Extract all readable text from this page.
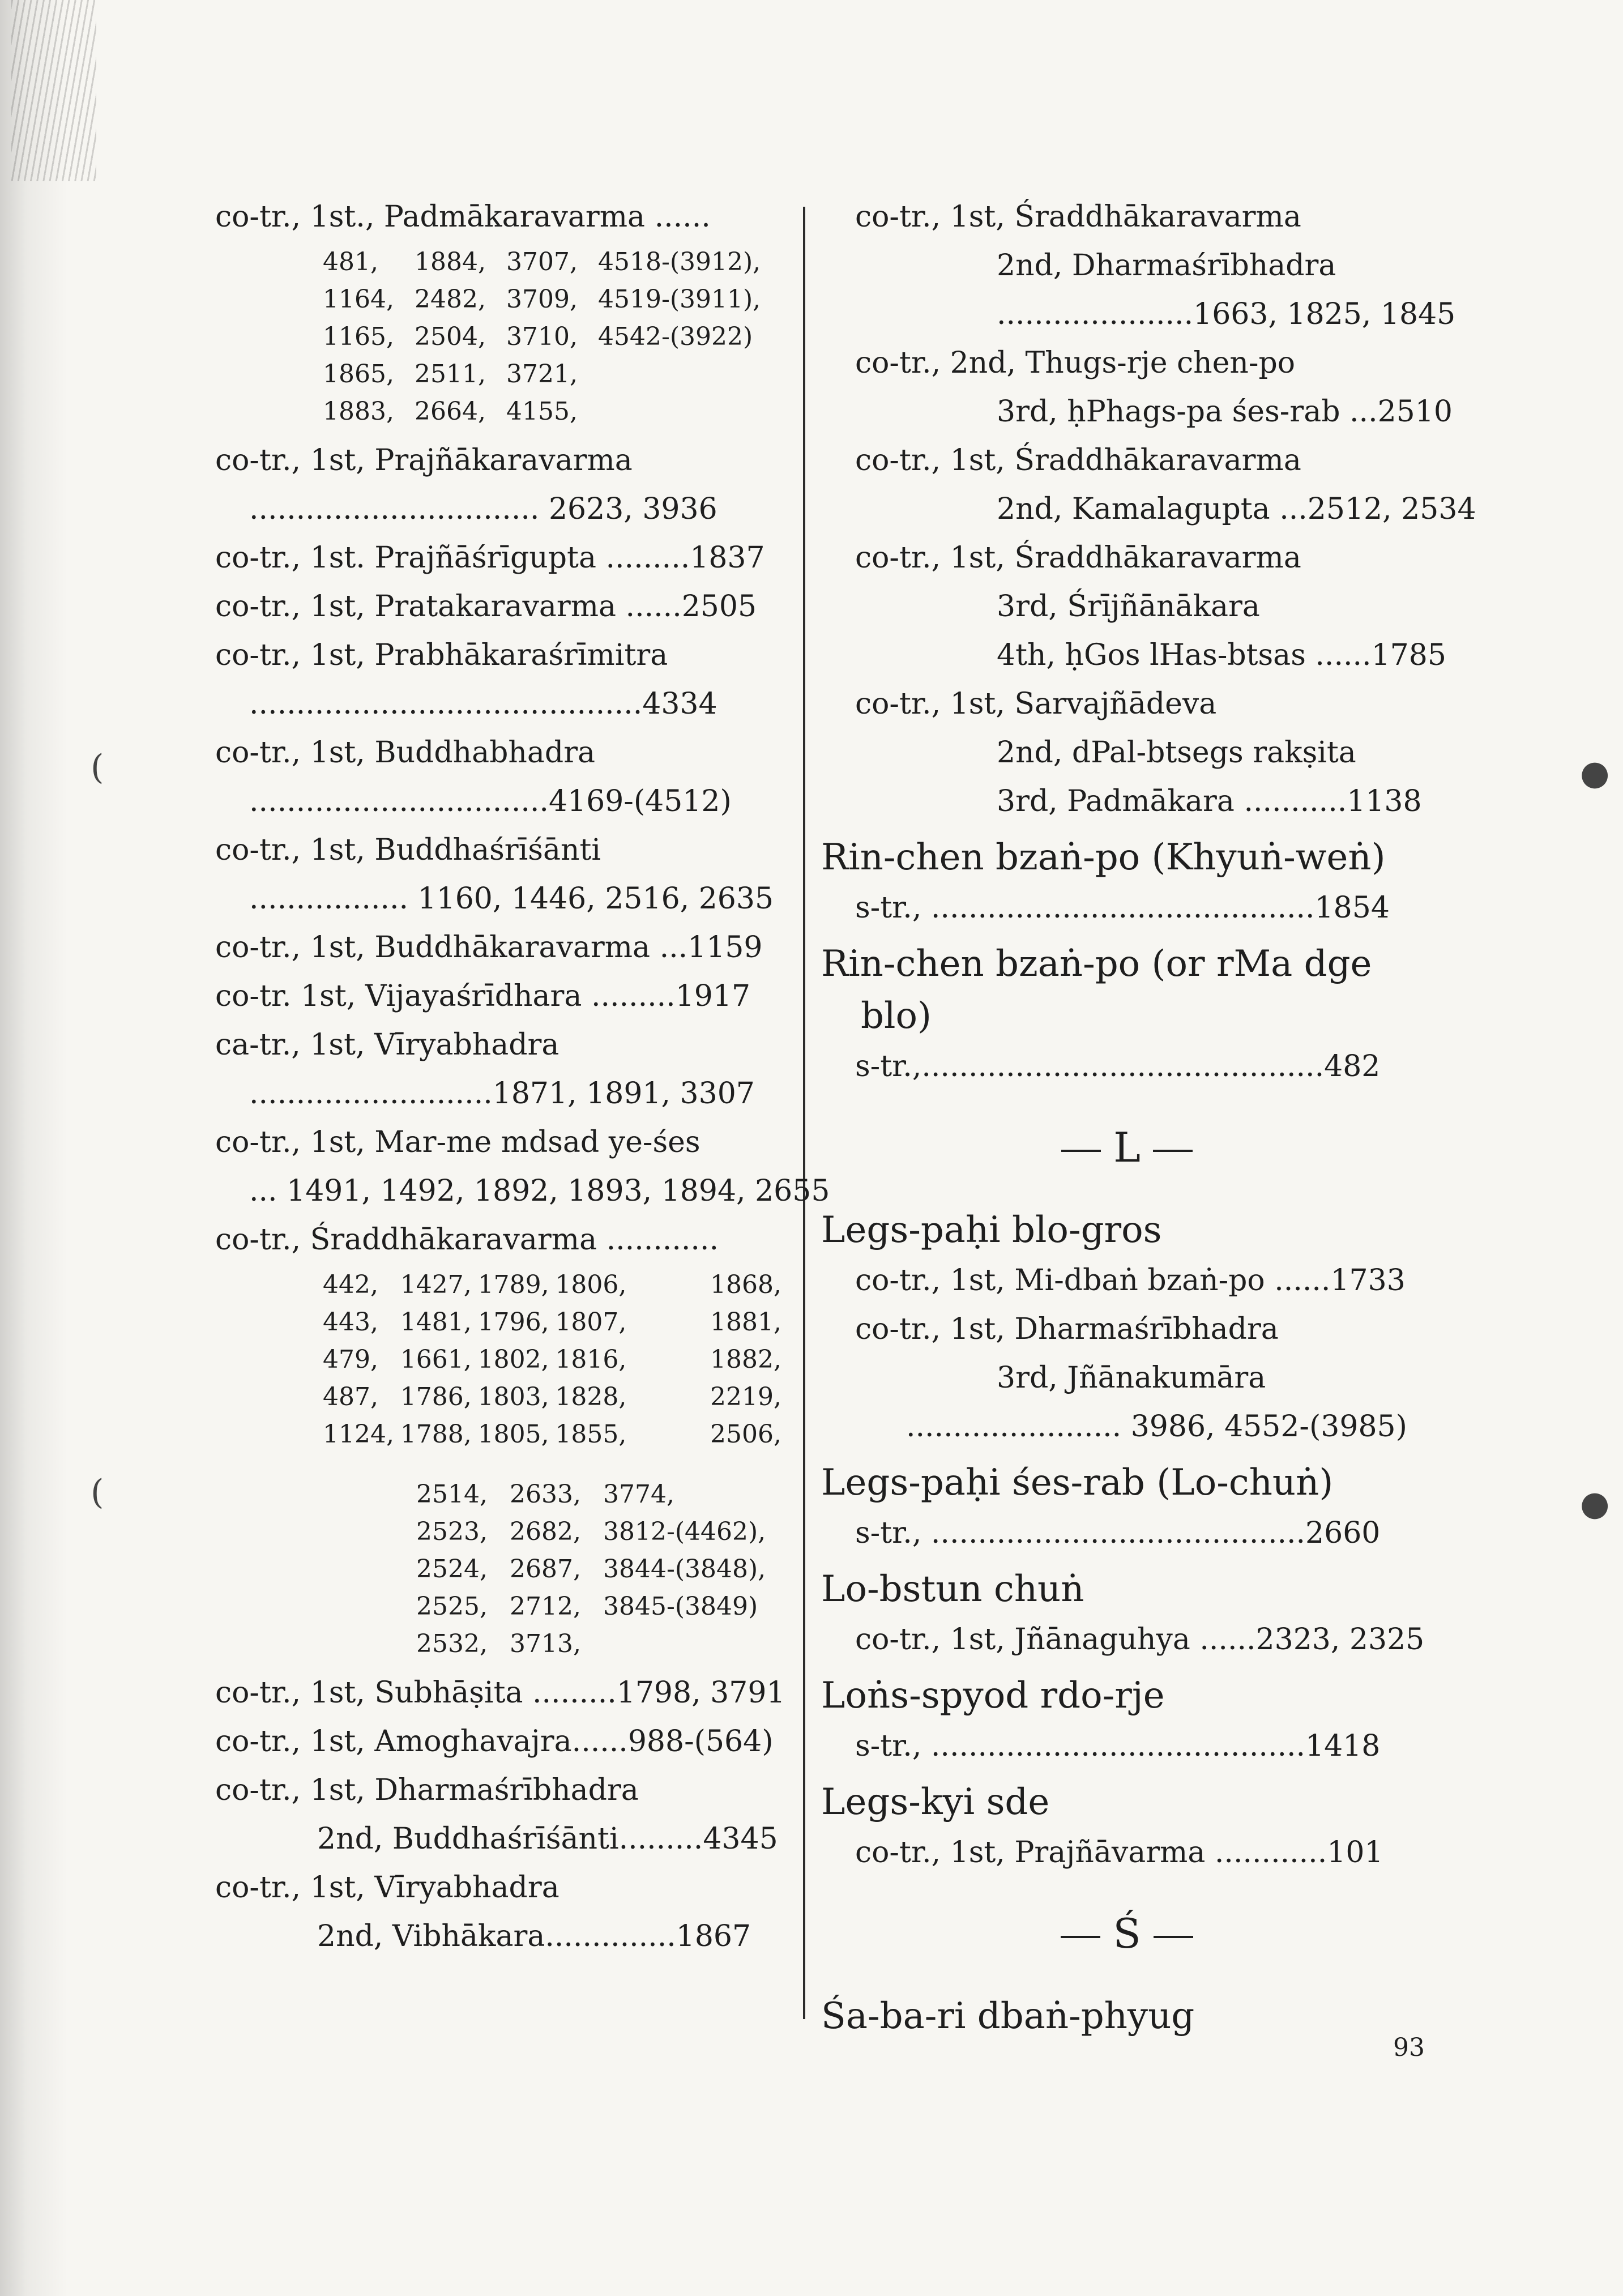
(
(
●
●
co-tr., 1st., Padmākaravarma ......
481,	1884, 3707, 4518-(3912),
1164, 2482, 3709, 4519-(3911),
1165, 2504, 3710, 4542-(3922)
1865, 2511, 3721,
1883, 2664, 4155,
co-tr., 1st, Prajñākaravarma
............................... 2623, 3936
co-tr., 1st. Prajñāśrīgupta .........1837
co-tr., 1st, Pratakaravarma ......2505
co-tr., 1st, Prabhākaraśrīmitra
..........................................4334
co-tr., 1st, Buddhabhadra
................................4169-(4512)
co-tr., 1st, Buddhaśrīśānti
................. 1160, 1446, 2516, 2635
co-tr., 1st, Buddhākaravarma ...1159
co-tr. 1st, Vijayaśrīdhara .........1917
ca-tr., 1st, Vīryabhadra
..........................1871, 1891, 3307
co-tr., 1st, Mar-me mdsad ye-śes
... 1491, 1492, 1892, 1893, 1894, 2655
co-tr., Śraddhākaravarma ............
442, 1427, 1789, 1806,	1868,
443, 1481, 1796, 1807,	1881,
479, 1661, 1802, 1816,	1882,
487, 1786, 1803, 1828,	2219,
1124, 1788, 1805, 1855,	2506,
2514, 2633, 3774,
2523, 2682, 3812-(4462),
2524, 2687, 3844-(3848),
2525, 2712, 3845-(3849)
2532, 3713,
co-tr., 1st, Subhāṣita .........1798, 3791
co-tr., 1st, Amoghavajra......988-(564)
co-tr., 1st, Dharmaśrībhadra
2nd, Buddhaśrīśānti.........4345
co-tr., 1st, Vīryabhadra
2nd, Vibhākara..............1867
co-tr., 1st, Śraddhākaravarma
2nd, Dharmaśrībhadra
.....................1663, 1825, 1845
co-tr., 2nd, Thugs-rje chen-po
3rd, ḥPhags-pa śes-rab ...2510
co-tr., 1st, Śraddhākaravarma
2nd, Kamalagupta ...2512, 2534
co-tr., 1st, Śraddhākaravarma
3rd, Śrījñānākara
4th, ḥGos lHas-btsas ......1785
co-tr., 1st, Sarvajñādeva
2nd, dPal-btsegs rakṣita
3rd, Padmākara ...........1138
Rin-chen bzaṅ-po (Khyuṅ-weṅ)
s-tr., .........................................1854
Rin-chen bzaṅ-po (or rMa dge
blo)
s-tr.,...........................................482
L
Legs-paḥi blo-gros
co-tr., 1st, Mi-dbaṅ bzaṅ-po ......1733
co-tr., 1st, Dharmaśrībhadra
3rd, Jñānakumāra
....................... 3986, 4552-(3985)
Legs-paḥi śes-rab (Lo-chuṅ)
s-tr., ........................................2660
Lo-bstun chuṅ
co-tr., 1st, Jñānaguhya ......2323, 2325
Loṅs-spyod rdo-rje
s-tr., ........................................1418
Legs-kyi sde
co-tr., 1st, Prajñāvarma ............101
Ś
Śa-ba-ri dbaṅ-phyug
93
